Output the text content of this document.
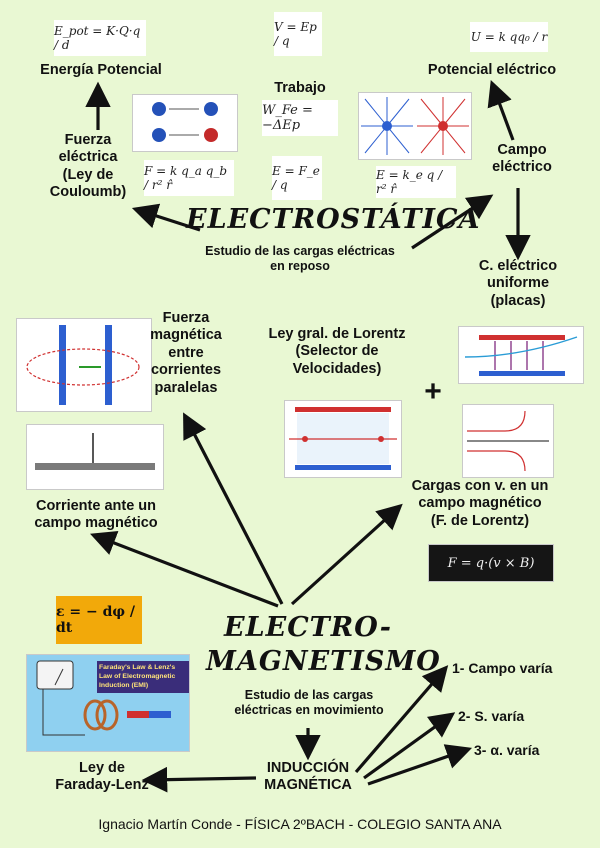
E_pot = K·Q·q / d
V = Ep / q	U = k qq₀ / r
W_Fe = −ΔEp
F = k q_a q_b / r² r̂
E = F_e / q
E = k_e q / r² r̂
Energía Potencial
Trabajo
Potencial eléctrico
Fuerza
eléctrica
(Ley de
Couloumb)
Campo
eléctrico
ELECTROSTÁTICA
Estudio de las cargas eléctricas
en reposo	C. eléctrico
uniforme
(placas)
Fuerza
magnética
entre
corrientes
paralelas
Ley gral. de Lorentz
(Selector de
Velocidades)
+
Corriente ante un
campo magnético
Cargas con v. en un
campo magnético
(F. de Lorentz)
F = q·(v × B)
ε = − dφ / dt	ELECTRO-
MAGNETISMO
Estudio de las cargas
eléctricas en movimiento
Faraday's Law & Lenz's
Law of Electromagnetic
Induction (EMI)
1- Campo varía
2- S. varía
3- α. varía
INDUCCIÓN
MAGNÉTICA
Ley de
Faraday-Lenz
Ignacio Martín Conde - FÍSICA 2ºBACH - COLEGIO SANTA ANA
